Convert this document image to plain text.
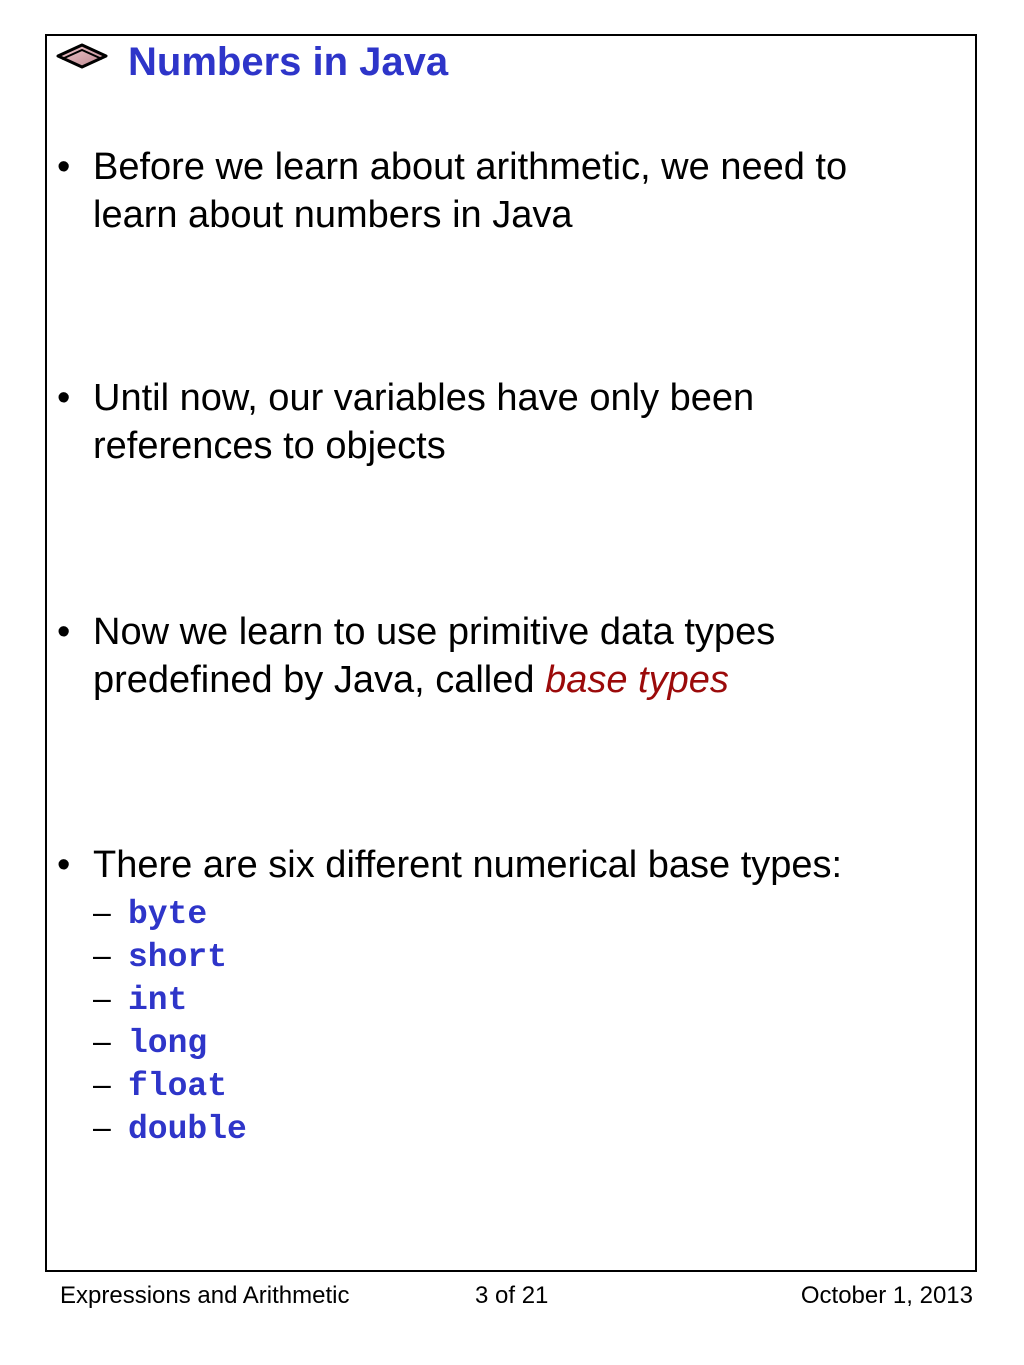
Numbers in Java
• Before we learn about arithmetic, we need to learn about numbers in Java
• Until now, our variables have only been references to objects
• Now we learn to use primitive data types predefined by Java, called base types
• There are six different numerical base types:
– byte
– short
– int
– long
– float
– double
Expressions and Arithmetic	3 of 21	October 1, 2013
